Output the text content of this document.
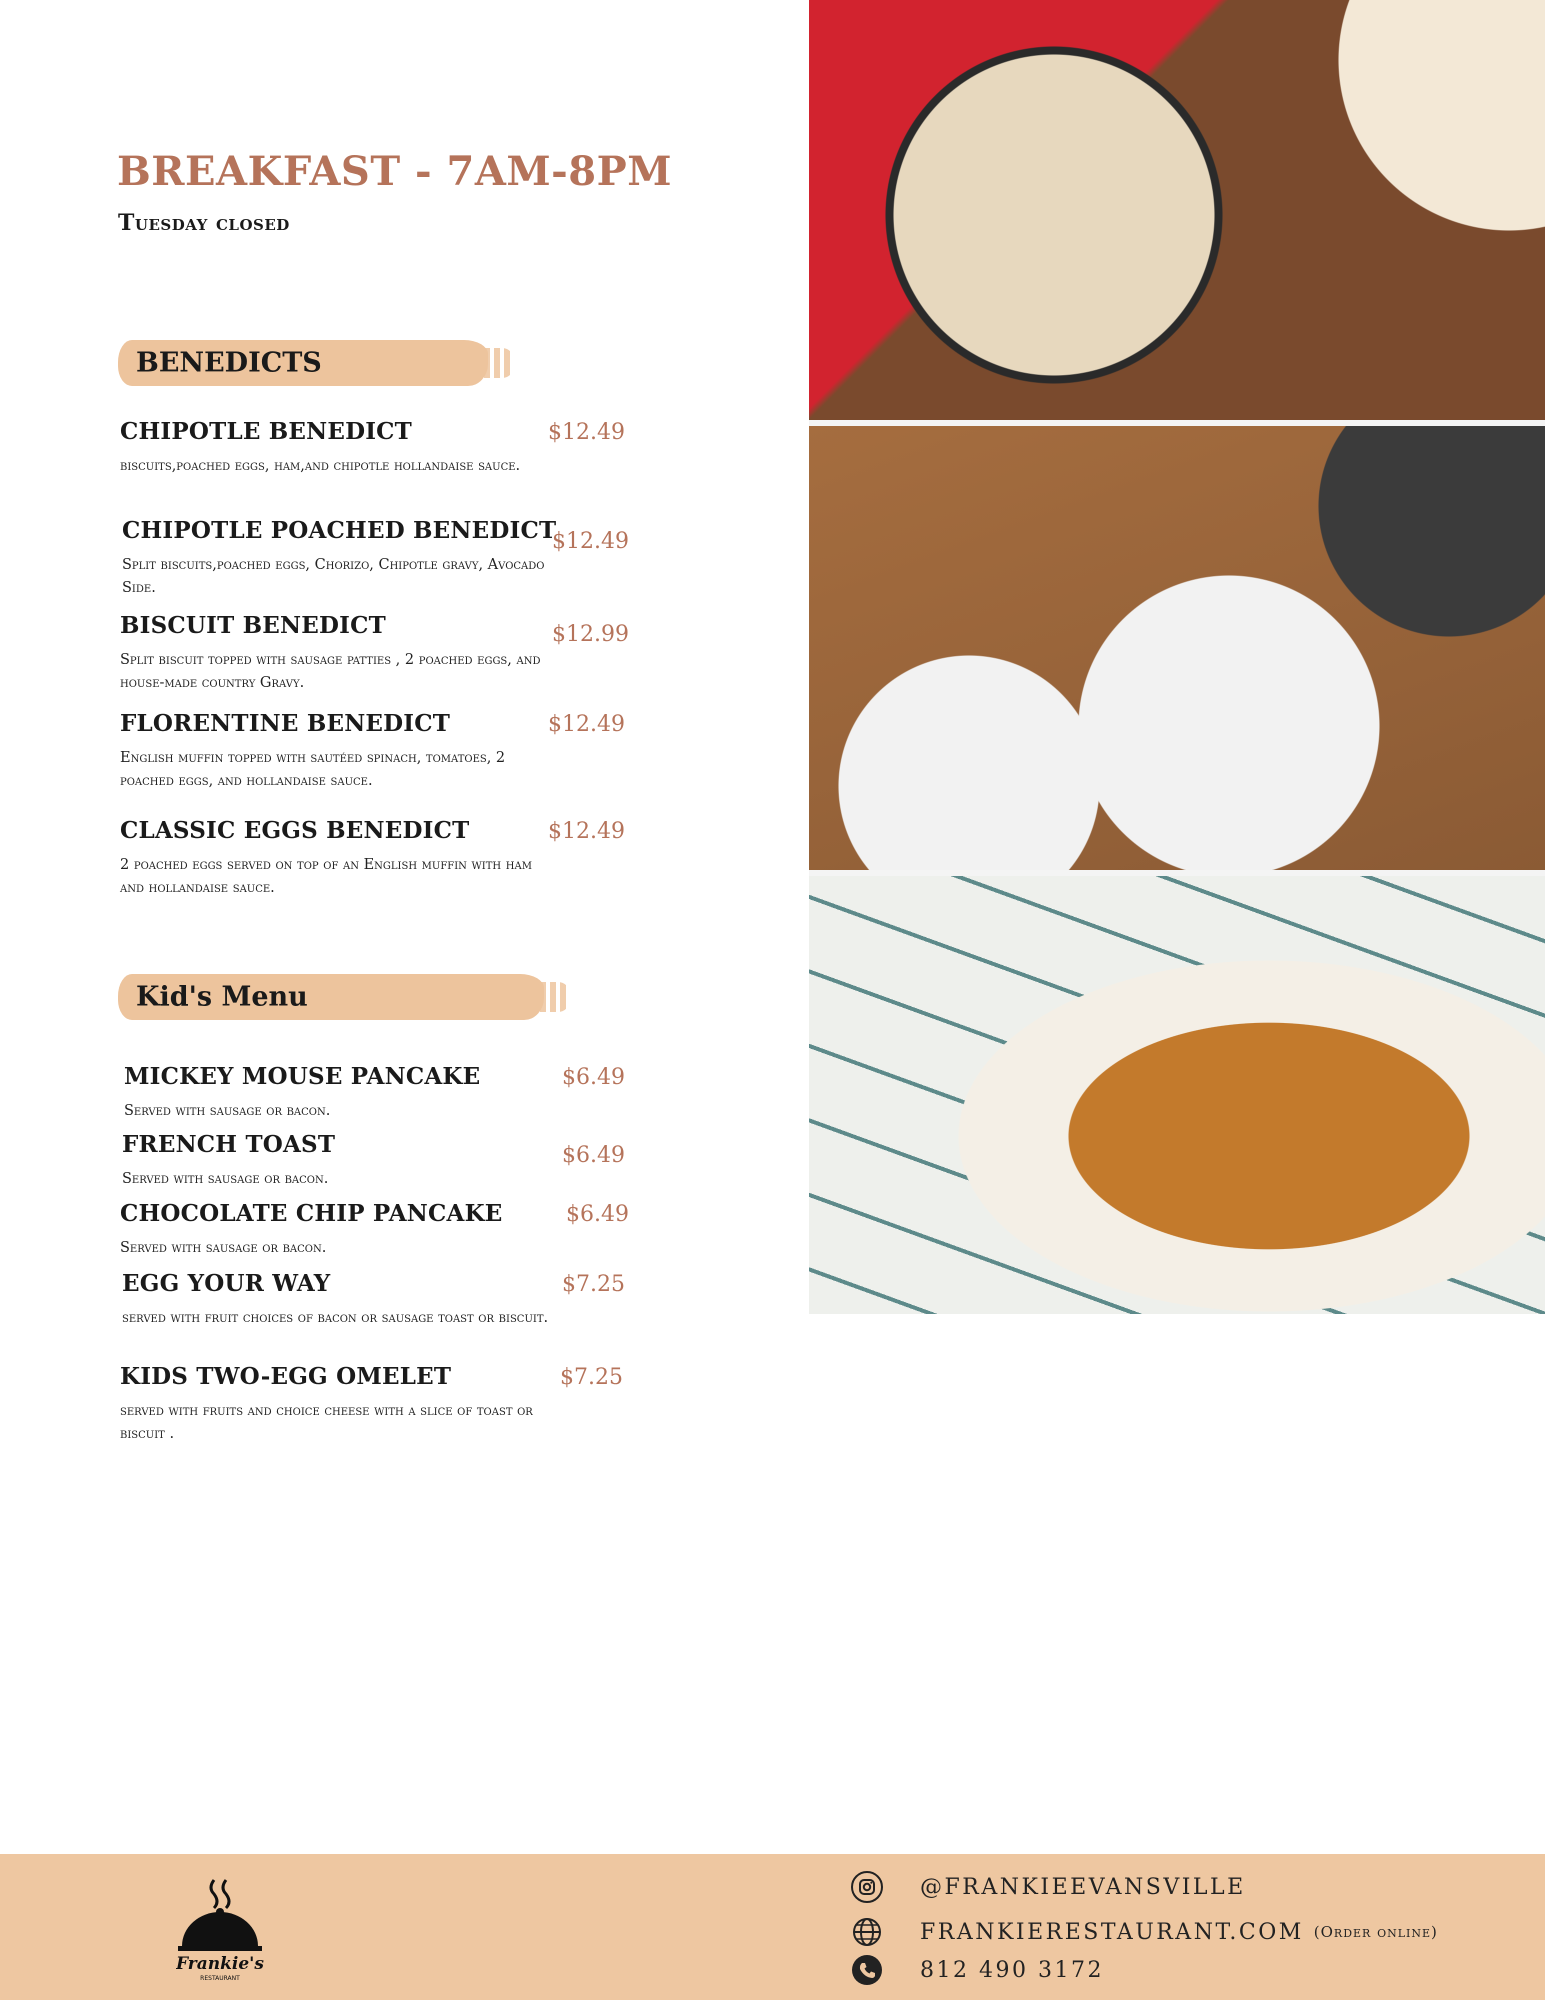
BREAKFAST - 7AM-8PM
Tuesday closed
BENEDICTS
CHIPOTLE BENEDICT	$12.49
biscuits,poached eggs, ham,and chipotle hollandaise sauce.
CHIPOTLE POACHED BENEDICT
$12.49
Split biscuits,poached eggs, Chorizo, Chipotle gravy, Avocado Side.
BISCUIT BENEDICT	$12.99
Split biscuit topped with sausage patties , 2 poached eggs, and house-made country Gravy.
FLORENTINE BENEDICT	$12.49
English muffin topped with sautéed spinach, tomatoes, 2 poached eggs, and hollandaise sauce.
CLASSIC EGGS BENEDICT	$12.49
2 poached eggs served on top of an English muffin with ham and hollandaise sauce.
Kid's Menu
MICKEY MOUSE PANCAKE	$6.49
Served with sausage or bacon.
FRENCH TOAST	$6.49
Served with sausage or bacon.
CHOCOLATE CHIP PANCAKE	$6.49
Served with sausage or bacon.
EGG YOUR WAY	$7.25
served with fruit choices of bacon or sausage toast or biscuit.
KIDS TWO-EGG OMELET	$7.25
served with fruits and choice cheese with a slice of toast or biscuit .
Frankie's
RESTAURANT
@FRANKIEEVANSVILLE
FRANKIERESTAURANT.COM (Order online)
812 490 3172
